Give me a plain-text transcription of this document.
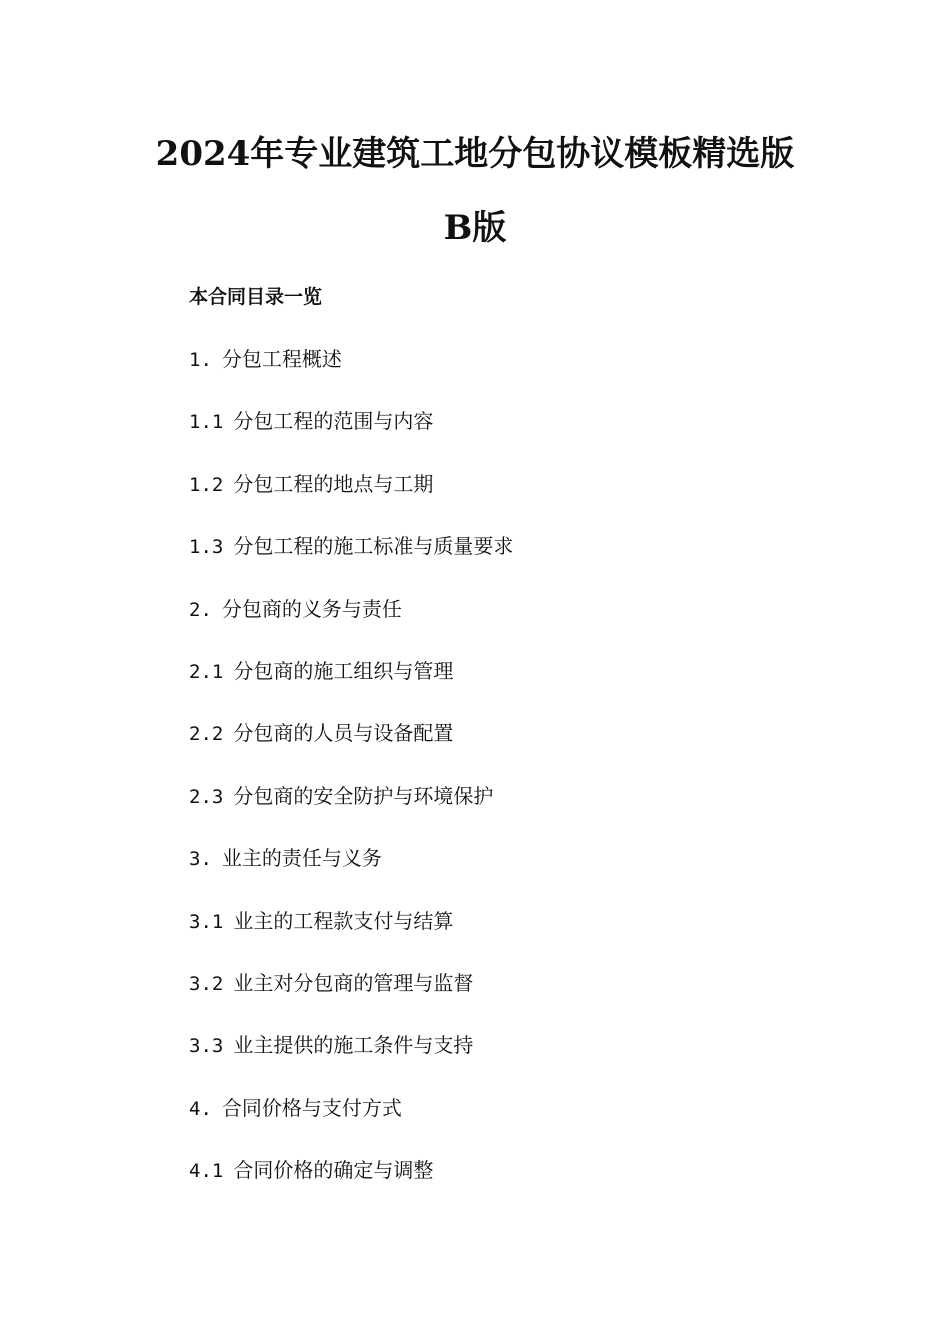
2024年专业建筑工地分包协议模板精选版
B版
本合同目录一览
1. 分包工程概述
1.1 分包工程的范围与内容
1.2 分包工程的地点与工期
1.3 分包工程的施工标准与质量要求
2. 分包商的义务与责任
2.1 分包商的施工组织与管理
2.2 分包商的人员与设备配置
2.3 分包商的安全防护与环境保护
3. 业主的责任与义务
3.1 业主的工程款支付与结算
3.2 业主对分包商的管理与监督
3.3 业主提供的施工条件与支持
4. 合同价格与支付方式
4.1 合同价格的确定与调整
